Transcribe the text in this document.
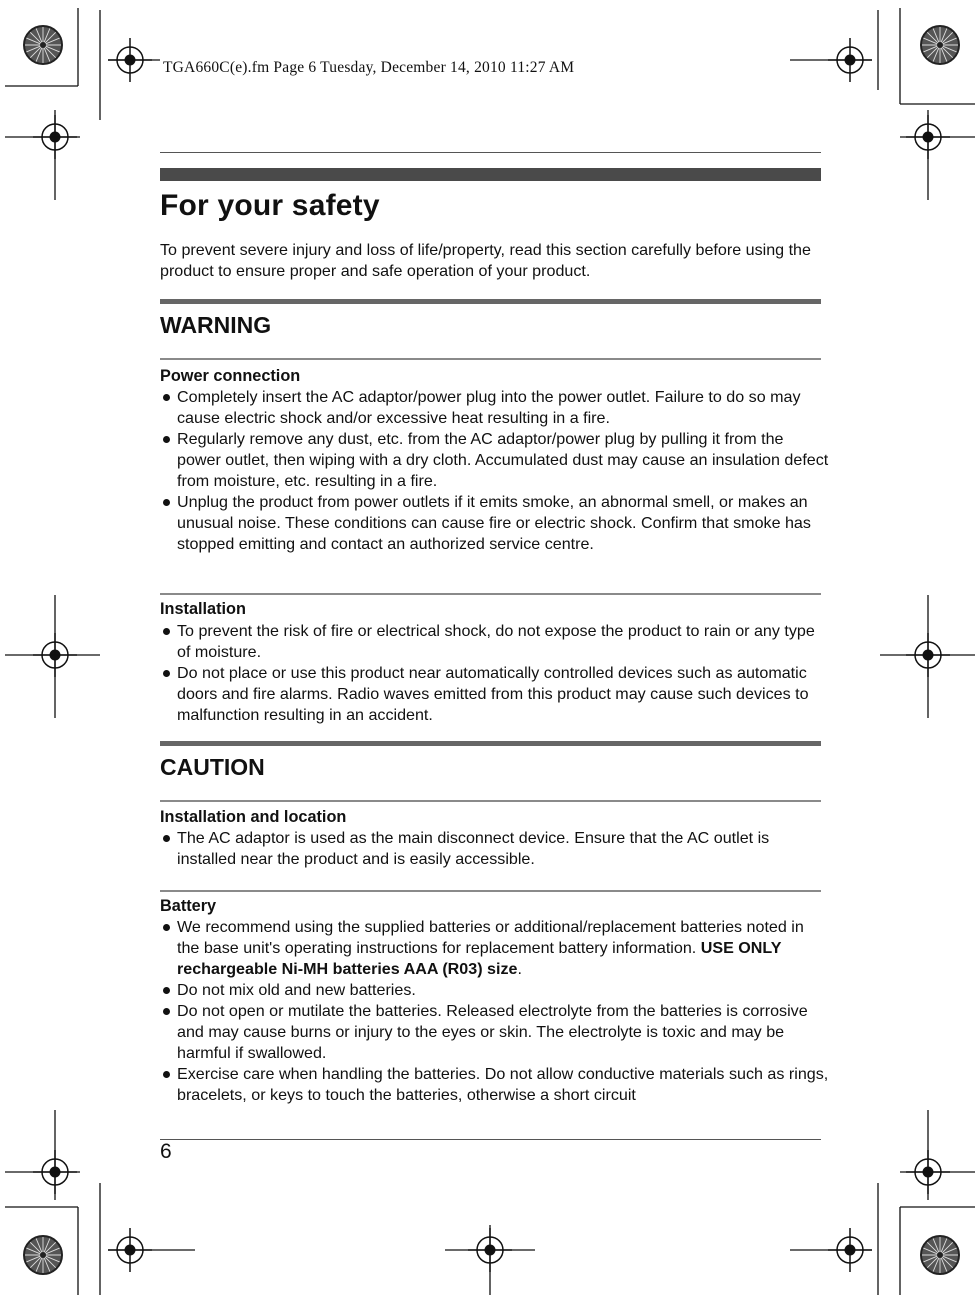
TGA660C(e).fm Page 6 Tuesday, December 14, 2010 11:27 AM
For your safety
To prevent severe injury and loss of life/property, read this section carefully before using the product to ensure proper and safe operation of your product.
WARNING
Power connection
Completely insert the AC adaptor/power plug into the power outlet. Failure to do so may cause electric shock and/or excessive heat resulting in a fire.
Regularly remove any dust, etc. from the AC adaptor/power plug by pulling it from the power outlet, then wiping with a dry cloth. Accumulated dust may cause an insulation defect from moisture, etc. resulting in a fire.
Unplug the product from power outlets if it emits smoke, an abnormal smell, or makes an unusual noise. These conditions can cause fire or electric shock. Confirm that smoke has stopped emitting and contact an authorized service centre.
Installation
To prevent the risk of fire or electrical shock, do not expose the product to rain or any type of moisture.
Do not place or use this product near automatically controlled devices such as automatic doors and fire alarms. Radio waves emitted from this product may cause such devices to malfunction resulting in an accident.
CAUTION
Installation and location
The AC adaptor is used as the main disconnect device. Ensure that the AC outlet is installed near the product and is easily accessible.
Battery
We recommend using the supplied batteries or additional/replacement batteries noted in the base unit's operating instructions for replacement battery information. USE ONLY rechargeable Ni-MH batteries AAA (R03) size.
Do not mix old and new batteries.
Do not open or mutilate the batteries. Released electrolyte from the batteries is corrosive and may cause burns or injury to the eyes or skin. The electrolyte is toxic and may be harmful if swallowed.
Exercise care when handling the batteries. Do not allow conductive materials such as rings, bracelets, or keys to touch the batteries, otherwise a short circuit
6
